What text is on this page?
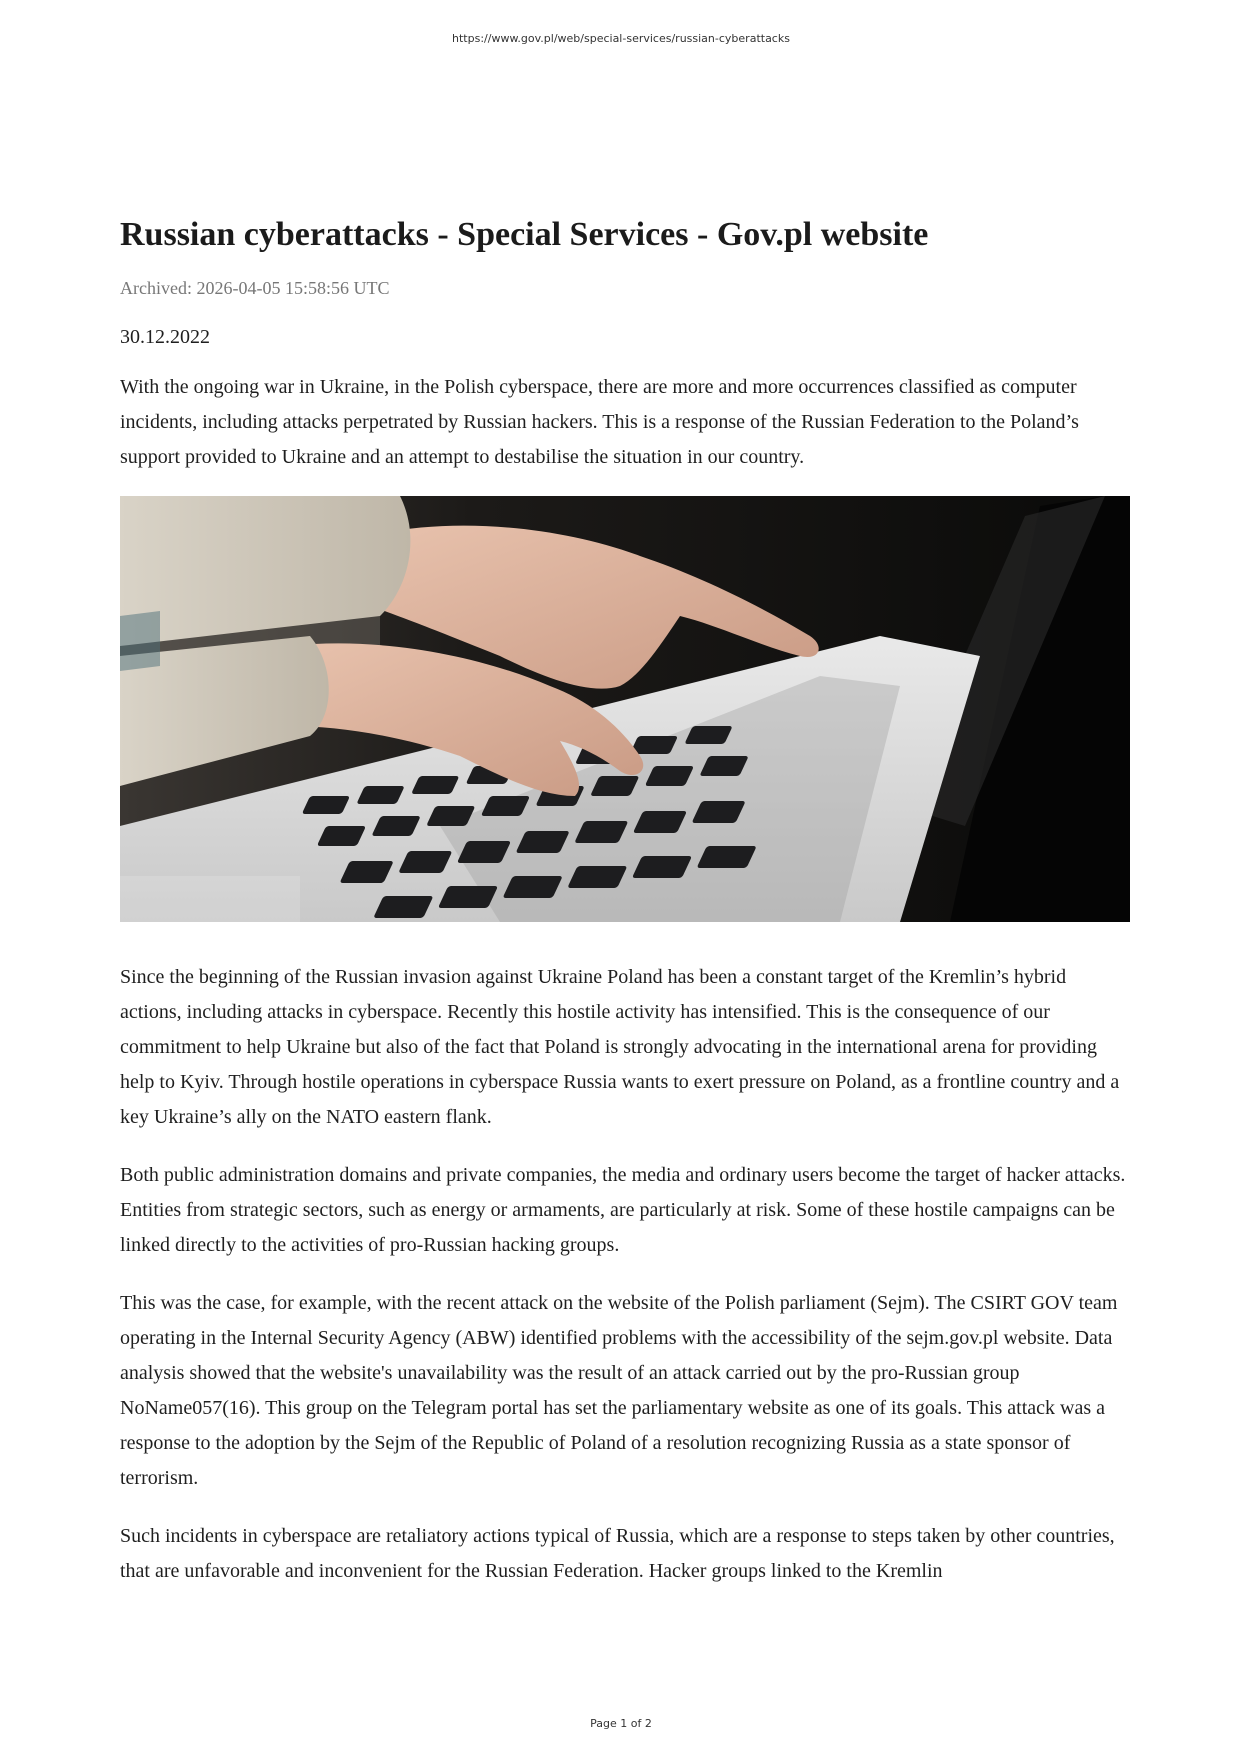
https://www.gov.pl/web/special-services/russian-cyberattacks
Russian cyberattacks - Special Services - Gov.pl website
Archived: 2026-04-05 15:58:56 UTC
30.12.2022

With the ongoing war in Ukraine, in the Polish cyberspace, there are more and more occurrences classified as computer incidents, including attacks perpetrated by Russian hackers. This is a response of the Russian Federation to the Poland’s support provided to Ukraine and an attempt to destabilise the situation in our country.

Since the beginning of the Russian invasion against Ukraine Poland has been a constant target of the Kremlin’s hybrid actions, including attacks in cyberspace. Recently this hostile activity has intensified. This is the consequence of our commitment to help Ukraine but also of the fact that Poland is strongly advocating in the international arena for providing help to Kyiv. Through hostile operations in cyberspace Russia wants to exert pressure on Poland, as a frontline country and a key Ukraine’s ally on the NATO eastern flank.

Both public administration domains and private companies, the media and ordinary users become the target of hacker attacks. Entities from strategic sectors, such as energy or armaments, are particularly at risk. Some of these hostile campaigns can be linked directly to the activities of pro-Russian hacking groups.

This was the case, for example, with the recent attack on the website of the Polish parliament (Sejm). The CSIRT GOV team operating in the Internal Security Agency (ABW) identified problems with the accessibility of the sejm.gov.pl website. Data analysis showed that the website's unavailability was the result of an attack carried out by the pro-Russian group NoName057(16). This group on the Telegram portal has set the parliamentary website as one of its goals. This attack was a response to the adoption by the Sejm of the Republic of Poland of a resolution recognizing Russia as a state sponsor of terrorism.

Such incidents in cyberspace are retaliatory actions typical of Russia, which are a response to steps taken by other countries, that are unfavorable and inconvenient for the Russian Federation. Hacker groups linked to the Kremlin

Page 1 of 2
